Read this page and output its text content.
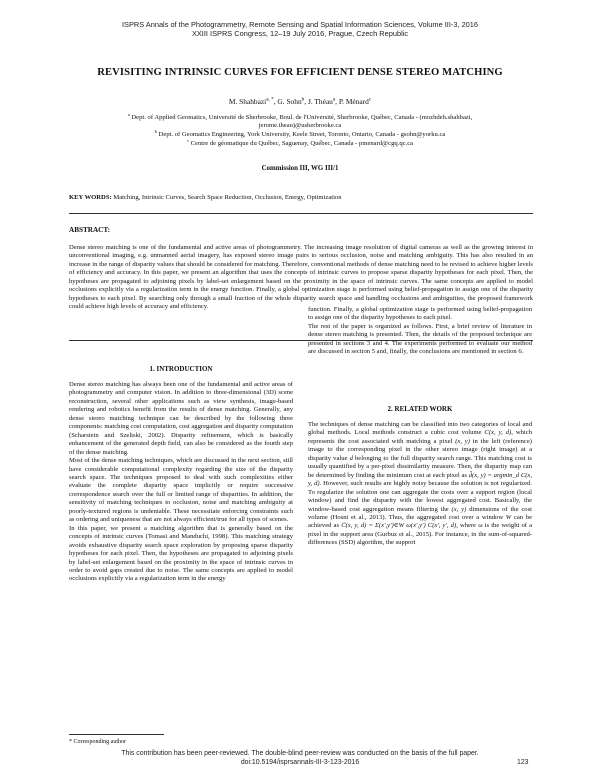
ISPRS Annals of the Photogrammetry, Remote Sensing and Spatial Information Sciences, Volume III-3, 2016
XXIII ISPRS Congress, 12–19 July 2016, Prague, Czech Republic
REVISITING INTRINSIC CURVES FOR EFFICIENT DENSE STEREO MATCHING
M. Shahbazi$^{a, *}$, G. Sohn$^b$, J. Théau$^a$, P. Ménard$^c$
$^a$ Dept. of Applied Geomatics, Université de Sherbrooke, Boul. de l'Université, Sherbrooke, Québec, Canada - (mozhdeh.shahbazi,
jerome.theau)@usherbrooke.ca
$^b$ Dept. of Geomatics Engineering, York University, Keele Street, Toronto, Ontario, Canada - gsohn@yorku.ca
$^c$ Centre de géomatique du Québec, Saguenay, Québec, Canada - pmenard@cgq.qc.ca
Commission III, WG III/1
KEY WORDS: Matching, Intrinsic Curves, Search Space Reduction, Occlusion, Energy, Optimization
ABSTRACT:
Dense stereo matching is one of the fundamental and active areas of photogrammetry. The increasing image resolution of digital cameras as well as the growing interest in unconventional imaging, e.g. unmanned aerial imagery, has exposed stereo image pairs to serious occlusion, noise and matching ambiguity. This has also resulted in an increase in the range of disparity values that should be considered for matching. Therefore, conventional methods of dense matching need to be revised to achieve higher levels of efficiency and accuracy. In this paper, we present an algorithm that uses the concepts of intrinsic curves to propose sparse disparity hypotheses for each pixel. Then, the hypotheses are propagated to adjoining pixels by label-set enlargement based on the proximity in the space of intrinsic curves. The same concepts are applied to model occlusions explicitly via a regularization term in the energy function. Finally, a global optimization stage is performed using belief-propagation to assign one of the disparity hypotheses to each pixel. By searching only through a small fraction of the whole disparity search space and handling occlusions and ambiguities, the proposed framework could achieve high levels of accuracy and efficiency.
1. INTRODUCTION

Dense stereo matching has always been one of the fundamental and active areas of photogrammetry and computer vision. In addition to three-dimensional (3D) scene reconstruction, several other applications such as view synthesis, image-based rendering and robotics benefit from the results of dense matching. Generally, any dense stereo matching technique can be described by the following three components: matching cost computation, cost aggregation and disparity computation (Scharstein and Szeliski, 2002). Disparity refinement, which is basically enhancement of the generated depth field, can also be considered as the fourth step of the dense matching.

Most of the dense matching techniques, which are discussed in the next section, still have considerable computational complexity regarding the size of the disparity search space. The techniques proposed to deal with such complexities either evaluate the complete disparity space implicitly or require successive correspondence search over the full or limited range of disparities. In addition, the sensitivity of matching techniques to occlusion, noise and matching ambiguity at poorly-textured regions is undeniable. These necessitate enforcing constraints such as ordering and uniqueness that are not always efficient/true for all types of scenes.

In this paper, we present a matching algorithm that is generally based on the concepts of intrinsic curves (Tomasi and Manduchi, 1998). This matching strategy avoids exhaustive disparity search space exploration by proposing sparse disparity hypotheses for each pixel. Then, the hypotheses are propagated to adjoining pixels by label-set enlargement based on the proximity in the space of intrinsic curves in order to avoid gaps created due to noise. The same concepts are applied to model occlusions explicitly via a regularization term in the energy

* Corresponding author

function. Finally, a global optimization stage is performed using belief-propagation to assign one of the disparity hypotheses to each pixel.

The rest of the paper is organized as follows. First, a brief review of literature in dense stereo matching is presented. Then, the details of the proposed technique are presented in sections 3 and 4. The experiments performed to evaluate our method are discussed in section 5 and, finally, the conclusions are mentioned in section 6.

2. RELATED WORK

The techniques of dense matching can be classified into two categories of local and global methods. Local methods construct a cubic cost volume C(x, y, d), which represents the cost associated with matching a pixel (x, y) in the left (reference) image to the corresponding pixel in the other stereo image (right image) at a disparity value d belonging to the full disparity search range. This matching cost is usually quantified by a per-pixel dissimilarity measure. Then, the disparity map can be determined by finding the minimum cost at each pixel as d̂(x, y) = argmin_d C(x, y, d). However, such results are highly noisy because the solution is not regularized. To regularize the solution one can aggregate the costs over a support region (local window) and find the disparity with the lowest aggregated cost. Basically, the window-based cost aggregation means filtering the (x, y) dimensions of the cost volume (Hosni et al., 2013). Thus, the aggregated cost over a window W can be achieved as C̄(x, y, d) = Σ(x′,y′)∈W ω(x′,y′) C(x′, y′, d), where ω is the weight of a pixel in the support area (Gurbuz et al., 2015). For instance, in the sum-of-squared-differences (SSD) algorithm, the support

This contribution has been peer-reviewed. The double-blind peer-review was conducted on the basis of the full paper.
doi:10.5194/isprsannals-III-3-123-2016	123
